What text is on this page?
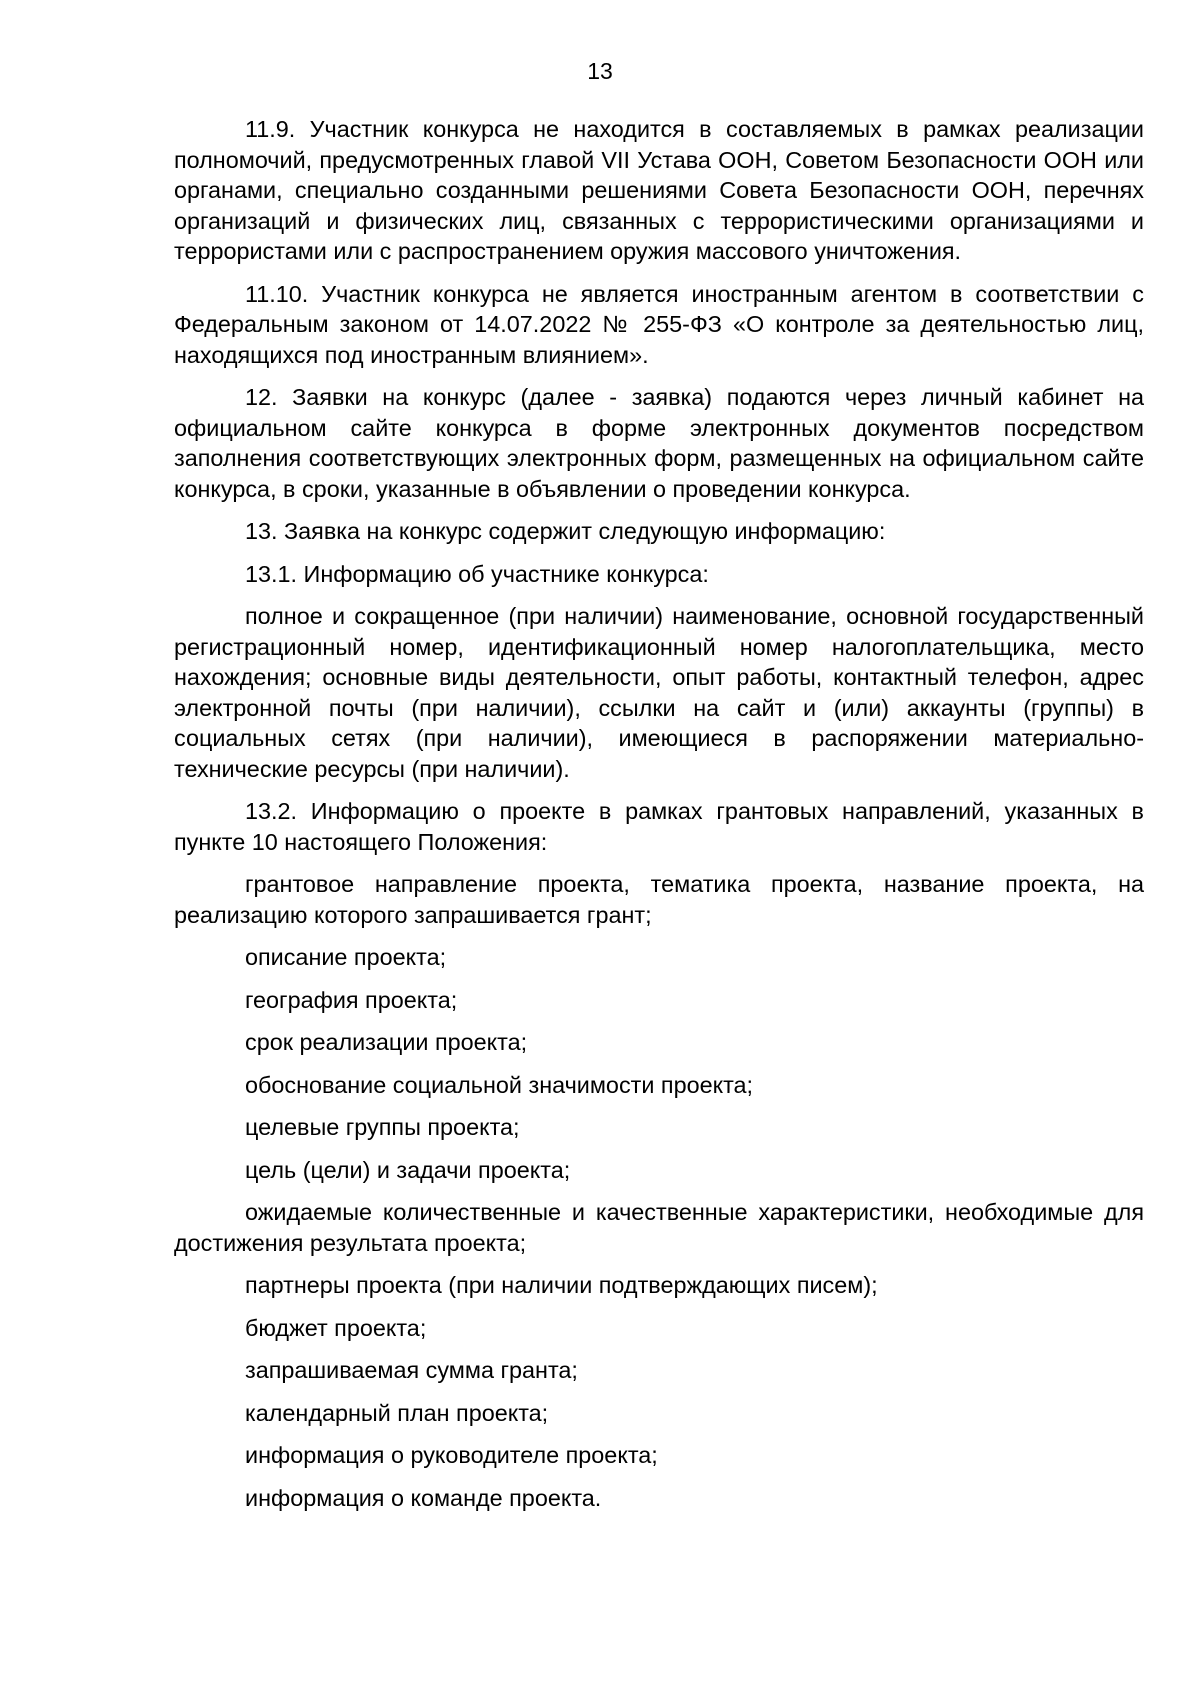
13

11.9. Участник конкурса не находится в составляемых в рамках реализации полномочий, предусмотренных главой VII Устава ООН, Советом Безопасности ООН или органами, специально созданными решениями Совета Безопасности ООН, перечнях организаций и физических лиц, связанных с террористическими организациями и террористами или с распространением оружия массового уничтожения.

11.10. Участник конкурса не является иностранным агентом в соответствии с Федеральным законом от 14.07.2022 № 255-ФЗ «О контроле за деятельностью лиц, находящихся под иностранным влиянием».

12. Заявки на конкурс (далее - заявка) подаются через личный кабинет на официальном сайте конкурса в форме электронных документов посредством заполнения соответствующих электронных форм, размещенных на официальном сайте конкурса, в сроки, указанные в объявлении о проведении конкурса.

13. Заявка на конкурс содержит следующую информацию:

13.1. Информацию об участнике конкурса:

полное и сокращенное (при наличии) наименование, основной государственный регистрационный номер, идентификационный номер налогоплательщика, место нахождения; основные виды деятельности, опыт работы, контактный телефон, адрес электронной почты (при наличии), ссылки на сайт и (или) аккаунты (группы) в социальных сетях (при наличии), имеющиеся в распоряжении материально-технические ресурсы (при наличии).

13.2. Информацию о проекте в рамках грантовых направлений, указанных в пункте 10 настоящего Положения:

грантовое направление проекта, тематика проекта, название проекта, на реализацию которого запрашивается грант;

описание проекта;

география проекта;

срок реализации проекта;

обоснование социальной значимости проекта;

целевые группы проекта;

цель (цели) и задачи проекта;

ожидаемые количественные и качественные характеристики, необходимые для достижения результата проекта;

партнеры проекта (при наличии подтверждающих писем);

бюджет проекта;

запрашиваемая сумма гранта;

календарный план проекта;

информация о руководителе проекта;

информация о команде проекта.
